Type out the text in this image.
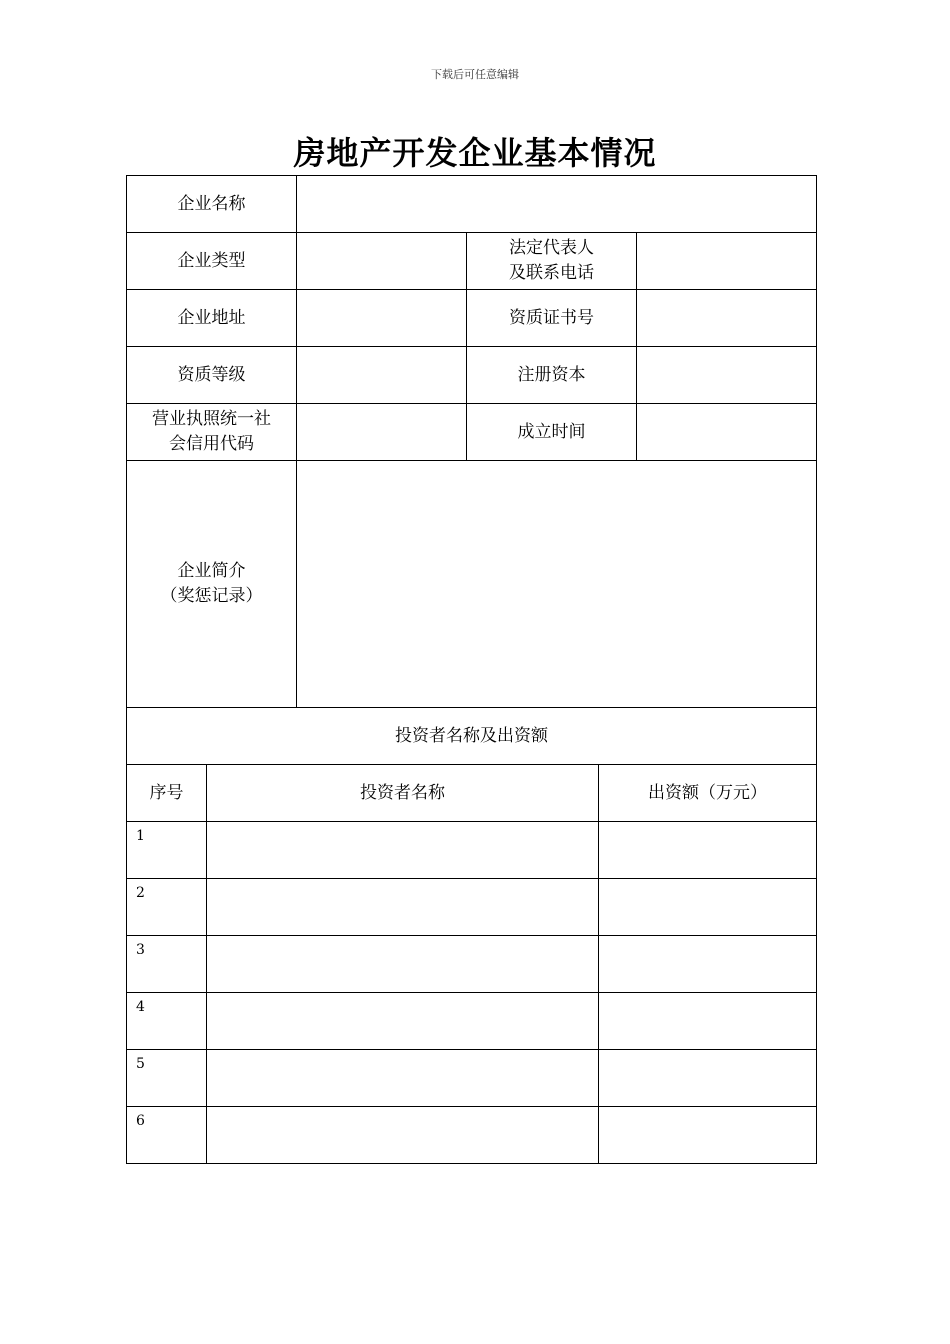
下载后可任意编辑
房地产开发企业基本情况
企业名称					
企业类型			法定代表人
及联系电话		

企业地址			资质证书号		
资质等级			注册资本		

营业执照统一社
会信用代码			成立时间		

企业简介
（奖惩记录）					

投资者名称及出资额					
序号	投资者名称			出资额（万元）	
1					
2					
3					
4					
5					
6					
